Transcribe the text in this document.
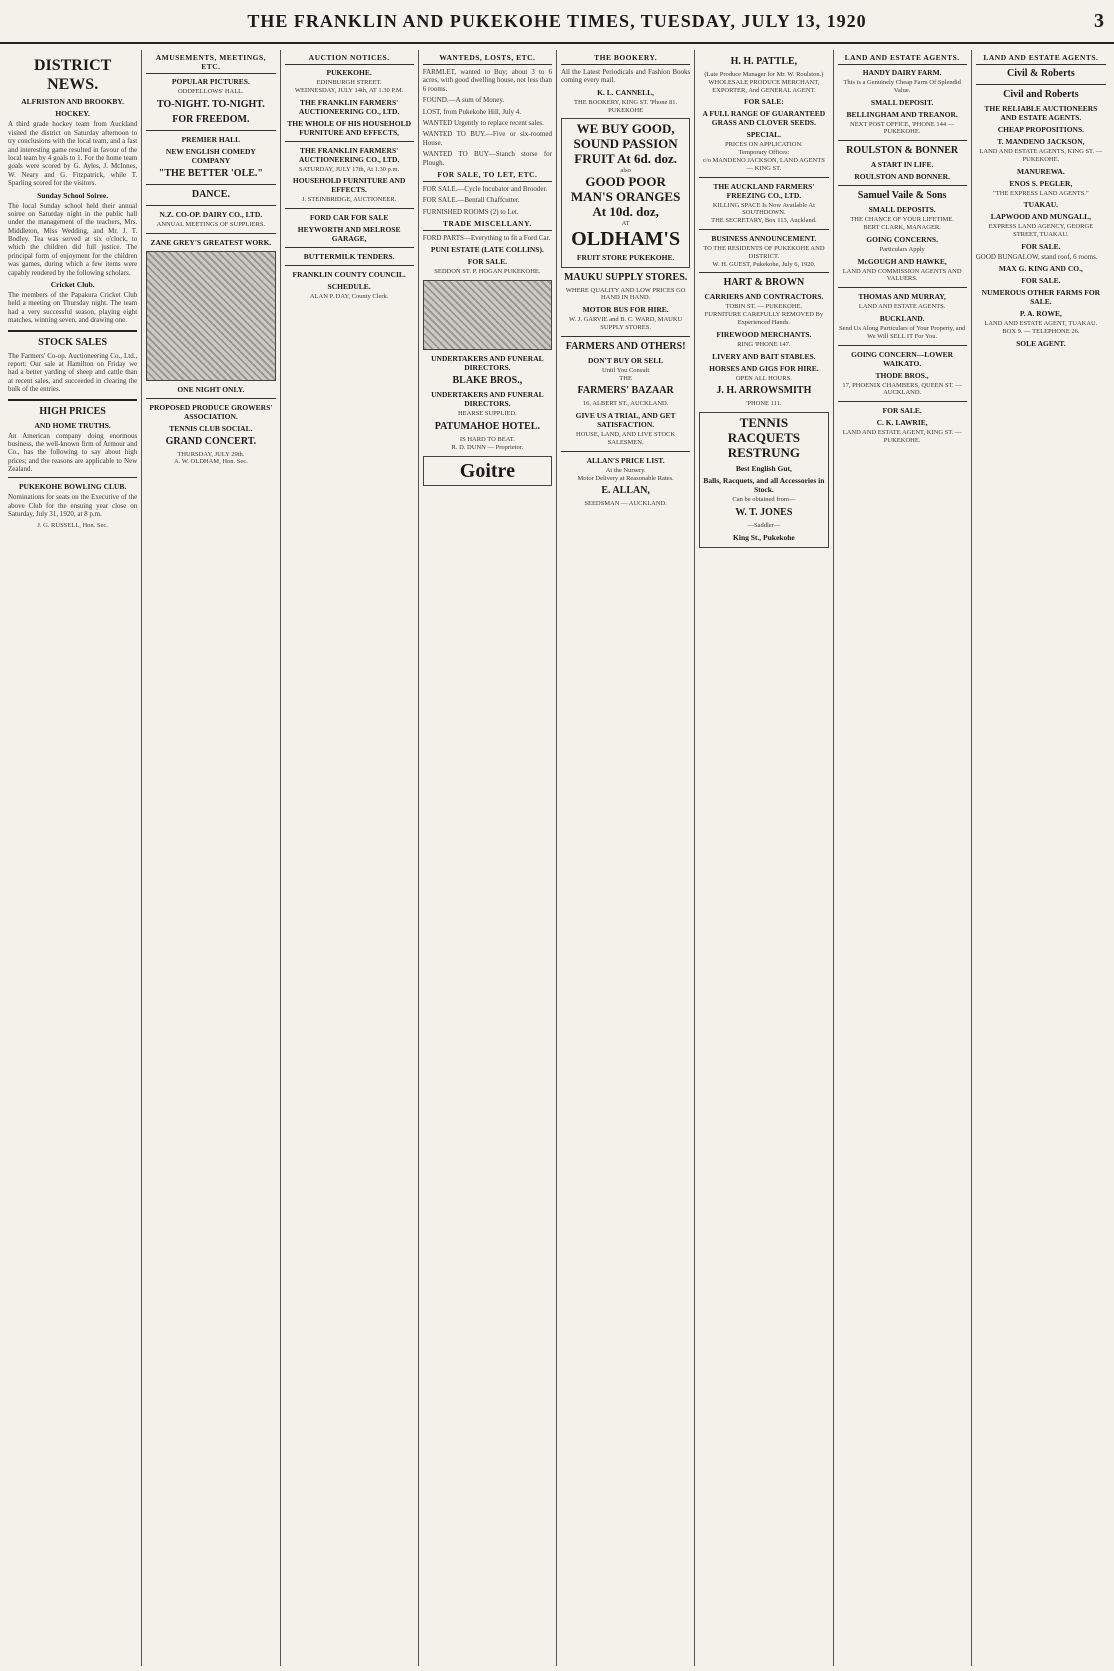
THE FRANKLIN AND PUKEKOHE TIMES, TUESDAY, JULY 13, 1920	3
DISTRICT NEWS.
ALFRISTON AND BROOKBY.
HOCKEY.
A third grade hockey team from Auckland visited the district on Saturday afternoon to try conclusions with the local team, and a fast and interesting game resulted in favour of the local team by 4 goals to 1. For the home team goals were scored by G. Ayles, J. McInnes, W. Neary and G. Fitzpatrick, while T. Sparling scored for the visitors.
Sunday School Soiree.
The local Sunday school held their annual soiree on Saturday night in the public hall under the management of the teachers, Mrs. Middleton, Miss Wedding, and Mr. J. T. Bodley. Tea was served at six o'clock, to which the children did full justice. The principal form of enjoyment for the children was games, during which a few items were capably rendered by the following scholars.
Cricket Club.
The members of the Papakura Cricket Club held a meeting on Thursday night. The team had a very successful season, playing eight matches, winning seven, and drawing one.
STOCK SALES
The Farmers' Co-op. Auctioneering Co., Ltd., report: Our sale at Hamilton on Friday we had a better yarding of sheep and cattle than at recent sales, and succeeded in clearing the bulk of the entries.
HIGH PRICES
AND HOME TRUTHS.
An American company doing enormous business, the well-known firm of Armour and Co., has the following to say about high prices; and the reasons are applicable to New Zealand.
PUKEKOHE BOWLING CLUB.
Nominations for seats on the Executive of the above Club for the ensuing year close on Saturday, July 31, 1920, at 8 p.m.
J. G. RUSSELL, Hon. Sec.
AMUSEMENTS, MEETINGS, ETC.
POPULAR PICTURES.
ODDFELLOWS' HALL.
TO-NIGHT. TO-NIGHT.
FOR FREEDOM.
PREMIER HALL
NEW ENGLISH COMEDY COMPANY
"THE BETTER 'OLE."
DANCE.
N.Z. CO-OP. DAIRY CO., LTD.
ANNUAL MEETINGS OF SUPPLIERS.
ZANE GREY'S GREATEST WORK.
ONE NIGHT ONLY.
PROPOSED PRODUCE GROWERS' ASSOCIATION.
TENNIS CLUB SOCIAL.
GRAND CONCERT.
THURSDAY, JULY 29th.
A. W. OLDHAM, Hon. Sec.
AUCTION NOTICES.
PUKEKOHE.
EDINBURGH STREET.
WEDNESDAY, JULY 14th, AT 1.30 P.M.
THE FRANKLIN FARMERS' AUCTIONEERING CO., LTD.
THE WHOLE OF HIS HOUSEHOLD FURNITURE AND EFFECTS,
THE FRANKLIN FARMERS' AUCTIONEERING CO., LTD.
SATURDAY, JULY 17th, At 1.30 p.m.
HOUSEHOLD FURNITURE AND EFFECTS.
J. STEINBRIDGE, AUCTIONEER.
FORD CAR FOR SALE
HEYWORTH AND MELROSE GARAGE,
BUTTERMILK TENDERS.
FRANKLIN COUNTY COUNCIL.
SCHEDULE.
ALAN P. DAY, County Clerk.
WANTEDS, LOSTS, ETC.
FARMLET, wanted to Buy; about 3 to 6 acres, with good dwelling house, not less than 6 rooms.
FOUND.—A sum of Money.
LOST, from Pukekohe Hill, July 4.
WANTED Urgently to replace recent sales.
WANTED TO BUY.—Five or six-roomed House.
WANTED TO BUY—Stanch storse for Plough.
FOR SALE, TO LET, ETC.
FOR SALE.—Cycle Incubator and Brooder.
FOR SALE.—Bentall Chaffcutter.
FURNISHED ROOMS (2) to Let.
TRADE MISCELLANY.
FORD PARTS—Everything to fit a Ford Car.
PUNI ESTATE (LATE COLLINS).
FOR SALE.
SEDDON ST. P. HOGAN PUKEKOHE.
UNDERTAKERS AND FUNERAL DIRECTORS.
BLAKE BROS.,
UNDERTAKERS AND FUNERAL DIRECTORS.
HEARSE SUPPLIED.
PATUMAHOE HOTEL.
IS HARD TO BEAT.
R. D. DUNN — Proprietor.
Goitre
THE BOOKERY.
All the Latest Periodicals and Fashion Books coming every mail.
K. L. CANNELL,
THE BOOKERY, KING ST. 'Phone 81. PUKEKOHE
WE BUY GOOD, SOUND PASSION FRUIT At 6d. doz.
also
GOOD POOR MAN'S ORANGES At 10d. doz,
AT
OLDHAM'S
FRUIT STORE PUKEKOHE.
MAUKU SUPPLY STORES.
WHERE QUALITY AND LOW PRICES GO HAND IN HAND.
MOTOR BUS FOR HIRE.
W. J. GARVIE and B. C. WARD, MAUKU SUPPLY STORES.
FARMERS AND OTHERS!
DON'T BUY OR SELL
Until You Consult
THE
FARMERS' BAZAAR
16, ALBERT ST., AUCKLAND.
GIVE US A TRIAL, AND GET SATISFACTION.
HOUSE, LAND, AND LIVE STOCK SALESMEN.
ALLAN'S PRICE LIST.
At the Nursery.
Motor Delivery at Reasonable Rates.
E. ALLAN,
SEEDSMAN — AUCKLAND.
H. H. PATTLE,
(Late Produce Manager for Mr. W. Roulston.) WHOLESALE PRODUCE MERCHANT, EXPORTER, And GENERAL AGENT.
FOR SALE:
A FULL RANGE OF GUARANTEED GRASS AND CLOVER SEEDS.
SPECIAL.
PRICES ON APPLICATION.
Temporary Offices:
c/o MANDENO JACKSON, LAND AGENTS — KING ST.
THE AUCKLAND FARMERS' FREEZING CO., LTD.
KILLING SPACE Is Now Available At SOUTHDOWN.
THE SECRETARY, Box 113, Auckland.
BUSINESS ANNOUNCEMENT.
TO THE RESIDENTS OF PUKEKOHE AND DISTRICT.
W. H. GUEST, Pukekohe, July 6, 1920.
HART & BROWN
CARRIERS AND CONTRACTORS.
TOBIN ST. — PUKEKOHE.
FURNITURE CAREFULLY REMOVED By Experienced Hands.
FIREWOOD MERCHANTS.
RING 'PHONE 147.
LIVERY AND BAIT STABLES.
HORSES AND GIGS FOR HIRE.
OPEN ALL HOURS.
J. H. ARROWSMITH
'PHONE 111.
TENNIS RACQUETS RESTRUNG
Best English Gut,
Balls, Racquets, and all Accessories in Stock.
Can be obtained from—
W. T. JONES
—Saddler—
King St., Pukekohe
LAND AND ESTATE AGENTS.
HANDY DAIRY FARM.
This is a Genuinely Cheap Farm Of Splendid Value.
SMALL DEPOSIT.
BELLINGHAM AND TREANOR.
NEXT POST OFFICE, 'PHONE 144 — PUKEKOHE.
ROULSTON & BONNER
A START IN LIFE.
ROULSTON AND BONNER.
Samuel Vaile & Sons
SMALL DEPOSITS.
THE CHANCE OF YOUR LIFETIME.
BERT CLARK, MANAGER.
GOING CONCERNS.
Particulars Apply
McGOUGH AND HAWKE,
LAND AND COMMISSION AGENTS AND VALUERS.
THOMAS AND MURRAY,
LAND AND ESTATE AGENTS.
BUCKLAND.
Send Us Along Particulars of Your Property, and We Will SELL IT For You.
GOING CONCERN—LOWER WAIKATO.
THODE BROS.,
17, PHOENIX CHAMBERS, QUEEN ST. — AUCKLAND.
FOR SALE.
C. K. LAWRIE,
LAND AND ESTATE AGENT, KING ST. — PUKEKOHE.
LAND AND ESTATE AGENTS.
Civil & Roberts
Civil and Roberts
THE RELIABLE AUCTIONEERS AND ESTATE AGENTS.
CHEAP PROPOSITIONS.
T. MANDENO JACKSON,
LAND AND ESTATE AGENTS, KING ST. — PUKEKOHE.
MANUREWA.
ENOS S. PEGLER,
"THE EXPRESS LAND AGENTS."
TUAKAU.
LAPWOOD AND MUNGALL,
EXPRESS LAND AGENCY, GEORGE STREET, TUAKAU.
FOR SALE.
GOOD BUNGALOW, stand roof, 6 rooms.
MAX G. KING AND CO.,
FOR SALE.
NUMEROUS OTHER FARMS FOR SALE.
P. A. ROWE,
LAND AND ESTATE AGENT, TUAKAU.
BOX 9. — TELEPHONE 26.
SOLE AGENT.
